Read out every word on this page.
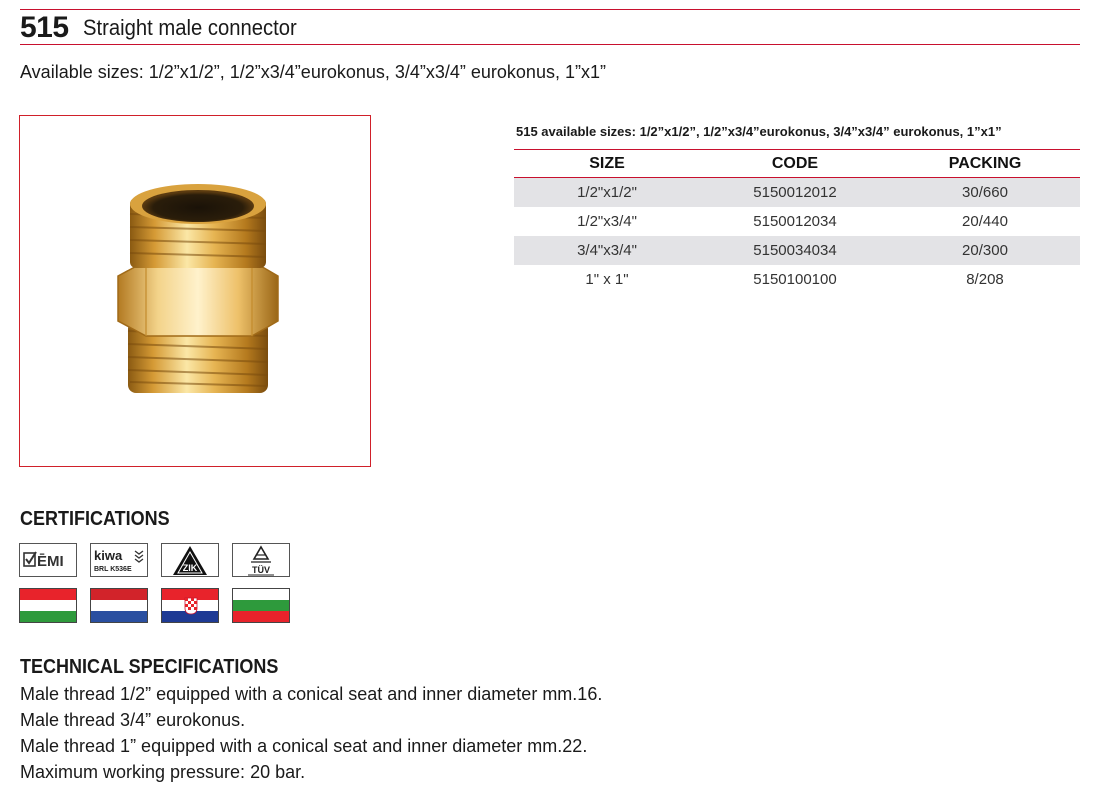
515 Straight male connector
Available sizes: 1/2”x1/2”, 1/2”x3/4”eurokonus, 3/4”x3/4” eurokonus, 1”x1”
515 available sizes: 1/2”x1/2”, 1/2”x3/4”eurokonus, 3/4”x3/4” eurokonus, 1”x1”
SIZE	CODE	PACKING
1/2"x1/2"	5150012012	30/660
1/2"x3/4"	5150012034	20/440
3/4"x3/4"	5150034034	20/300
1" x 1"	5150100100	8/208
CERTIFICATIONS
ĒMI kiwa
BRL K536E	ZIK	TÜV
TECHNICAL SPECIFICATIONS
Male thread 1/2” equipped with a conical seat and inner diameter mm.16.
Male thread 3/4” eurokonus.
Male thread 1” equipped with a conical seat and inner diameter mm.22.
Maximum working pressure: 20 bar.
